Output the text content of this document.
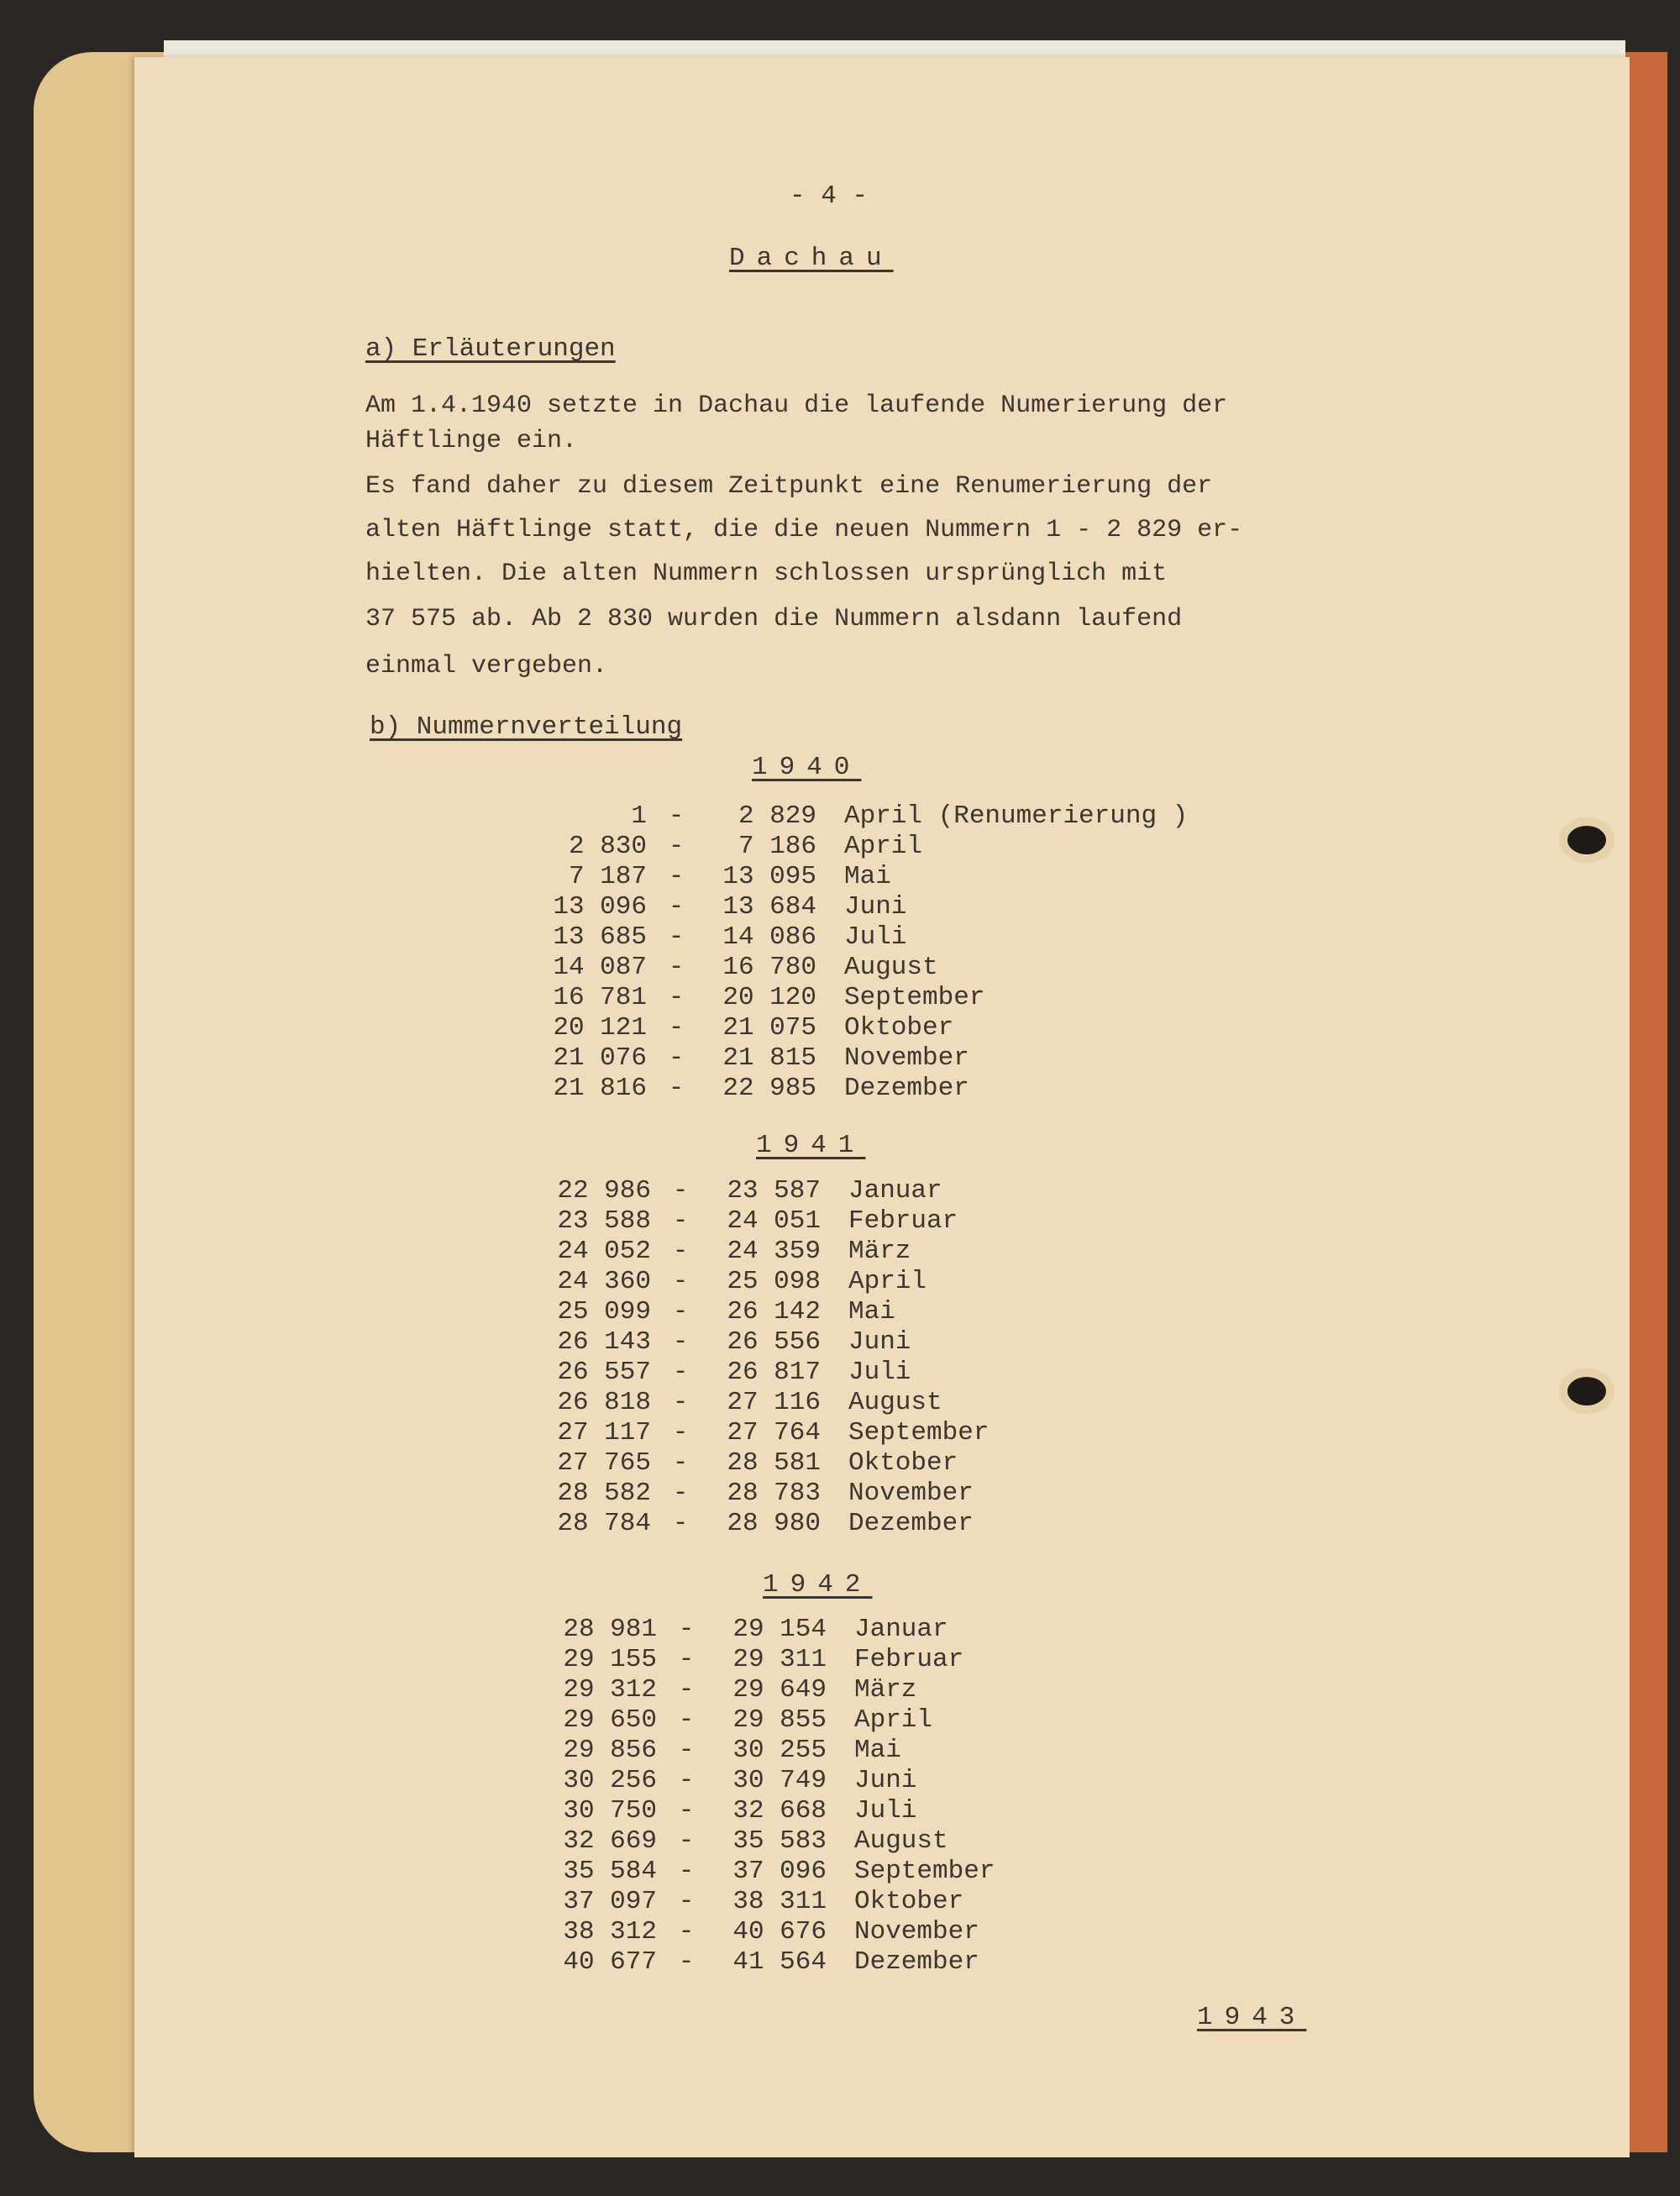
- 4 -
Dachau
a) Erläuterungen
Am 1.4.1940 setzte in Dachau die laufende Numerierung der
Häftlinge ein.
Es fand daher zu diesem Zeitpunkt eine Renumerierung der
alten Häftlinge statt, die die neuen Nummern 1 - 2 829 er-
hielten. Die alten Nummern schlossen ursprünglich mit
37 575 ab. Ab 2 830 wurden die Nummern alsdann laufend
einmal vergeben.
b) Nummernverteilung
1940
1 -	2 829 April (Renumerierung )
2 830 -	7 186 April
7 187 -	13 095 Mai
13 096 -	13 684 Juni
13 685 -	14 086 Juli
14 087 -	16 780 August
16 781 -	20 120 September
20 121 -	21 075 Oktober
21 076 -	21 815 November
21 816 -	22 985 Dezember
1941
22 986 -	23 587 Januar
23 588 -	24 051 Februar
24 052 -	24 359 März
24 360 -	25 098 April
25 099 -	26 142 Mai
26 143 -	26 556 Juni
26 557 -	26 817 Juli
26 818 -	27 116 August
27 117 -	27 764 September
27 765 -	28 581 Oktober
28 582 -	28 783 November
28 784 -	28 980 Dezember
1942
28 981 -	29 154 Januar
29 155 -	29 311 Februar
29 312 -	29 649 März
29 650 -	29 855 April
29 856 -	30 255 Mai
30 256 -	30 749 Juni
30 750 -	32 668 Juli
32 669 -	35 583 August
35 584 -	37 096 September
37 097 -	38 311 Oktober
38 312 -	40 676 November
40 677 -	41 564 Dezember
1943
